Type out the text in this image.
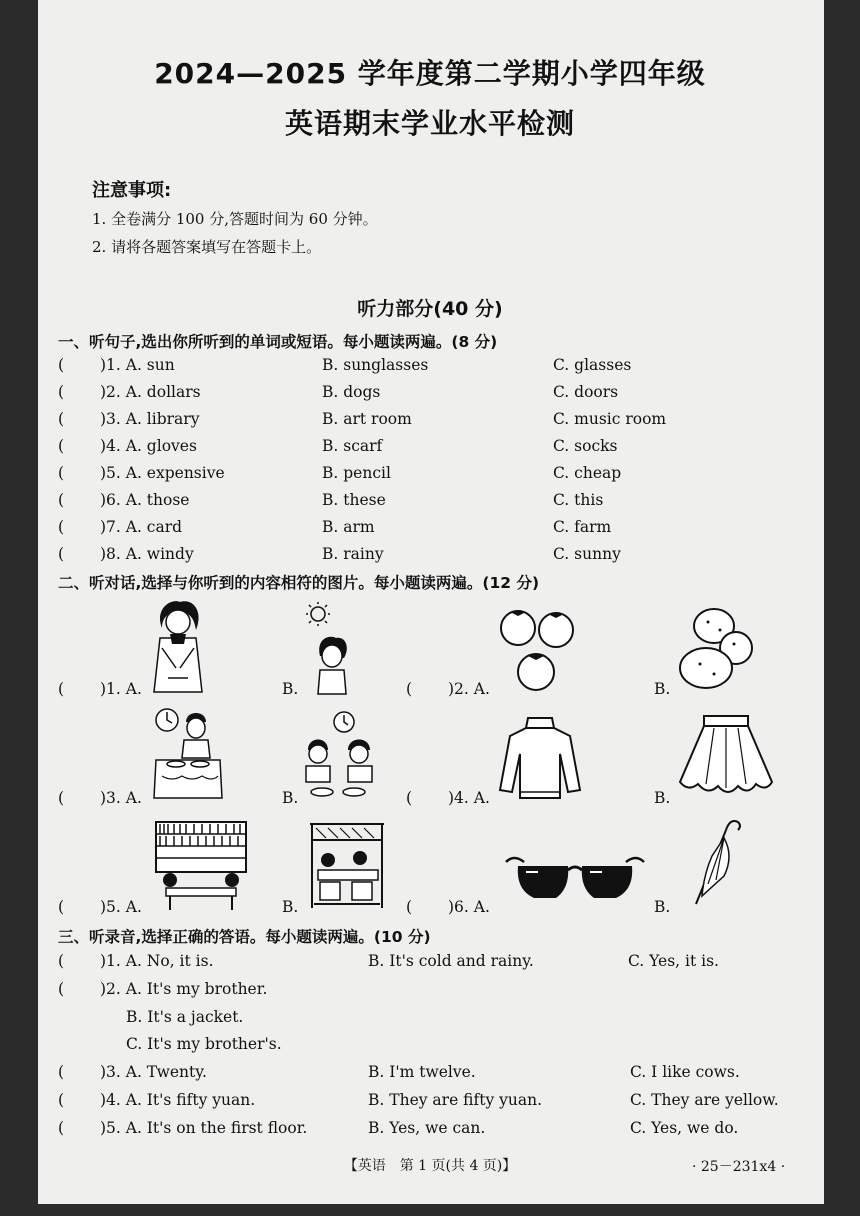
2024—2025 学年度第二学期小学四年级
英语期末学业水平检测
注意事项:
1. 全卷满分 100 分,答题时间为 60 分钟。
2. 请将各题答案填写在答题卡上。
听力部分(40 分)
一、听句子,选出你所听到的单词或短语。每小题读两遍。(8 分)
( )1. A. sun	B. sunglasses	C. glasses
( )2. A. dollars	B. dogs	C. doors
( )3. A. library	B. art room	C. music room
( )4. A. gloves	B. scarf	C. socks
( )5. A. expensive	B. pencil	C. cheap
( )6. A. those	B. these	C. this
( )7. A. card	B. arm	C. farm
( )8. A. windy	B. rainy	C. sunny
二、听对话,选择与你听到的内容相符的图片。每小题读两遍。(12 分)
( )1. A.	B.	( )2. A.	B.
( )3. A.	B.	( )4. A.	B.
( )5. A.	B.	( )6. A.	B.
三、听录音,选择正确的答语。每小题读两遍。(10 分)
( )1. A. No, it is.	B. It's cold and rainy.	C. Yes, it is.
( )2. A. It's my brother.
B. It's a jacket.
C. It's my brother's.
( )3. A. Twenty.	B. I'm twelve.	C. I like cows.
( )4. A. It's fifty yuan.	B. They are fifty yuan.	C. They are yellow.
( )5. A. It's on the first floor.	B. Yes, we can.	C. Yes, we do.
【英语　第 1 页(共 4 页)】	· 25－231x4 ·
